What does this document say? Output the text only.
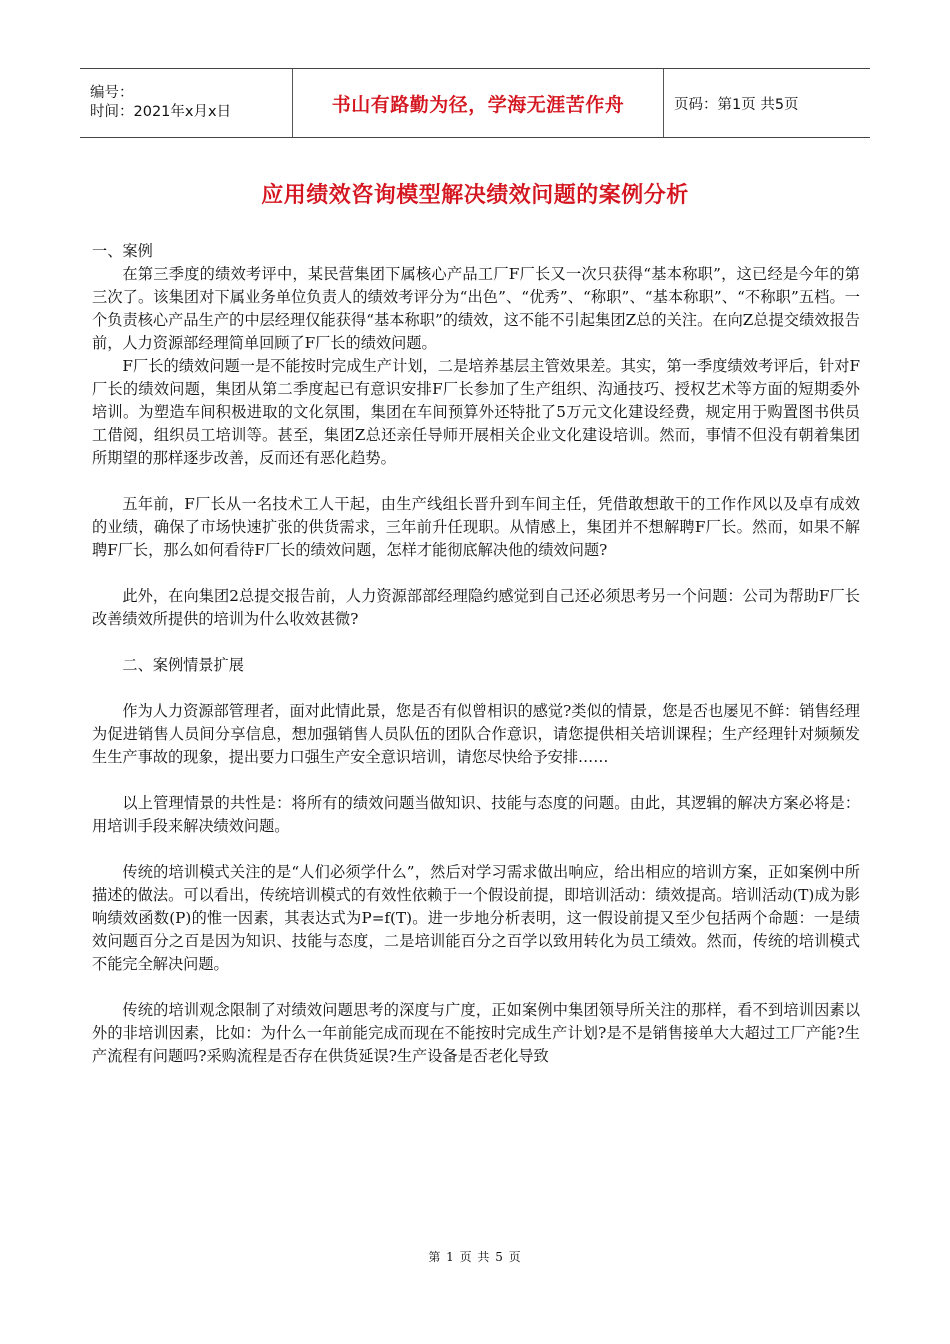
编号：
时间：2021年x月x日	书山有路勤为径，学海无涯苦作舟	页码：第1页 共5页
应用绩效咨询模型解决绩效问题的案例分析

一、案例

在第三季度的绩效考评中，某民营集团下属核心产品工厂F厂长又一次只获得“基本称职”，这已经是今年的第三次了。该集团对下属业务单位负责人的绩效考评分为“出色”、“优秀”、“称职”、“基本称职”、“不称职”五档。一个负责核心产品生产的中层经理仅能获得“基本称职”的绩效，这不能不引起集团Z总的关注。在向Z总提交绩效报告前，人力资源部经理简单回顾了F厂长的绩效问题。

F厂长的绩效问题一是不能按时完成生产计划，二是培养基层主管效果差。其实，第一季度绩效考评后，针对F厂长的绩效问题，集团从第二季度起已有意识安排F厂长参加了生产组织、沟通技巧、授权艺术等方面的短期委外培训。为塑造车间积极进取的文化氛围，集团在车间预算外还特批了5万元文化建设经费，规定用于购置图书供员工借阅，组织员工培训等。甚至，集团Z总还亲任导师开展相关企业文化建设培训。然而，事情不但没有朝着集团所期望的那样逐步改善，反而还有恶化趋势。

五年前，F厂长从一名技术工人干起，由生产线组长晋升到车间主任，凭借敢想敢干的工作作风以及卓有成效的业绩，确保了市场快速扩张的供货需求，三年前升任现职。从情感上，集团并不想解聘F厂长。然而，如果不解聘F厂长，那么如何看待F厂长的绩效问题，怎样才能彻底解决他的绩效问题?

此外，在向集团2总提交报告前，人力资源部部经理隐约感觉到自己还必须思考另一个问题：公司为帮助F厂长改善绩效所提供的培训为什么收效甚微?

二、案例情景扩展

作为人力资源部管理者，面对此情此景，您是否有似曾相识的感觉?类似的情景，您是否也屡见不鲜：销售经理为促进销售人员间分享信息，想加强销售人员队伍的团队合作意识，请您提供相关培训课程；生产经理针对频频发生生产事故的现象，提出要力口强生产安全意识培训，请您尽快给予安排……

以上管理情景的共性是：将所有的绩效问题当做知识、技能与态度的问题。由此，其逻辑的解决方案必将是：用培训手段来解决绩效问题。

传统的培训模式关注的是“人们必须学什么”，然后对学习需求做出响应，给出相应的培训方案，正如案例中所描述的做法。可以看出，传统培训模式的有效性依赖于一个假设前提，即培训活动：绩效提高。培训活动(T)成为影响绩效函数(P)的惟一因素，其表达式为P=f(T)。进一步地分析表明，这一假设前提又至少包括两个命题：一是绩效问题百分之百是因为知识、技能与态度，二是培训能百分之百学以致用转化为员工绩效。然而，传统的培训模式不能完全解决问题。

传统的培训观念限制了对绩效问题思考的深度与广度，正如案例中集团领导所关注的那样，看不到培训因素以外的非培训因素，比如：为什么一年前能完成而现在不能按时完成生产计划?是不是销售接单大大超过工厂产能?生产流程有问题吗?采购流程是否存在供货延误?生产设备是否老化导致

第 1 页 共 5 页
